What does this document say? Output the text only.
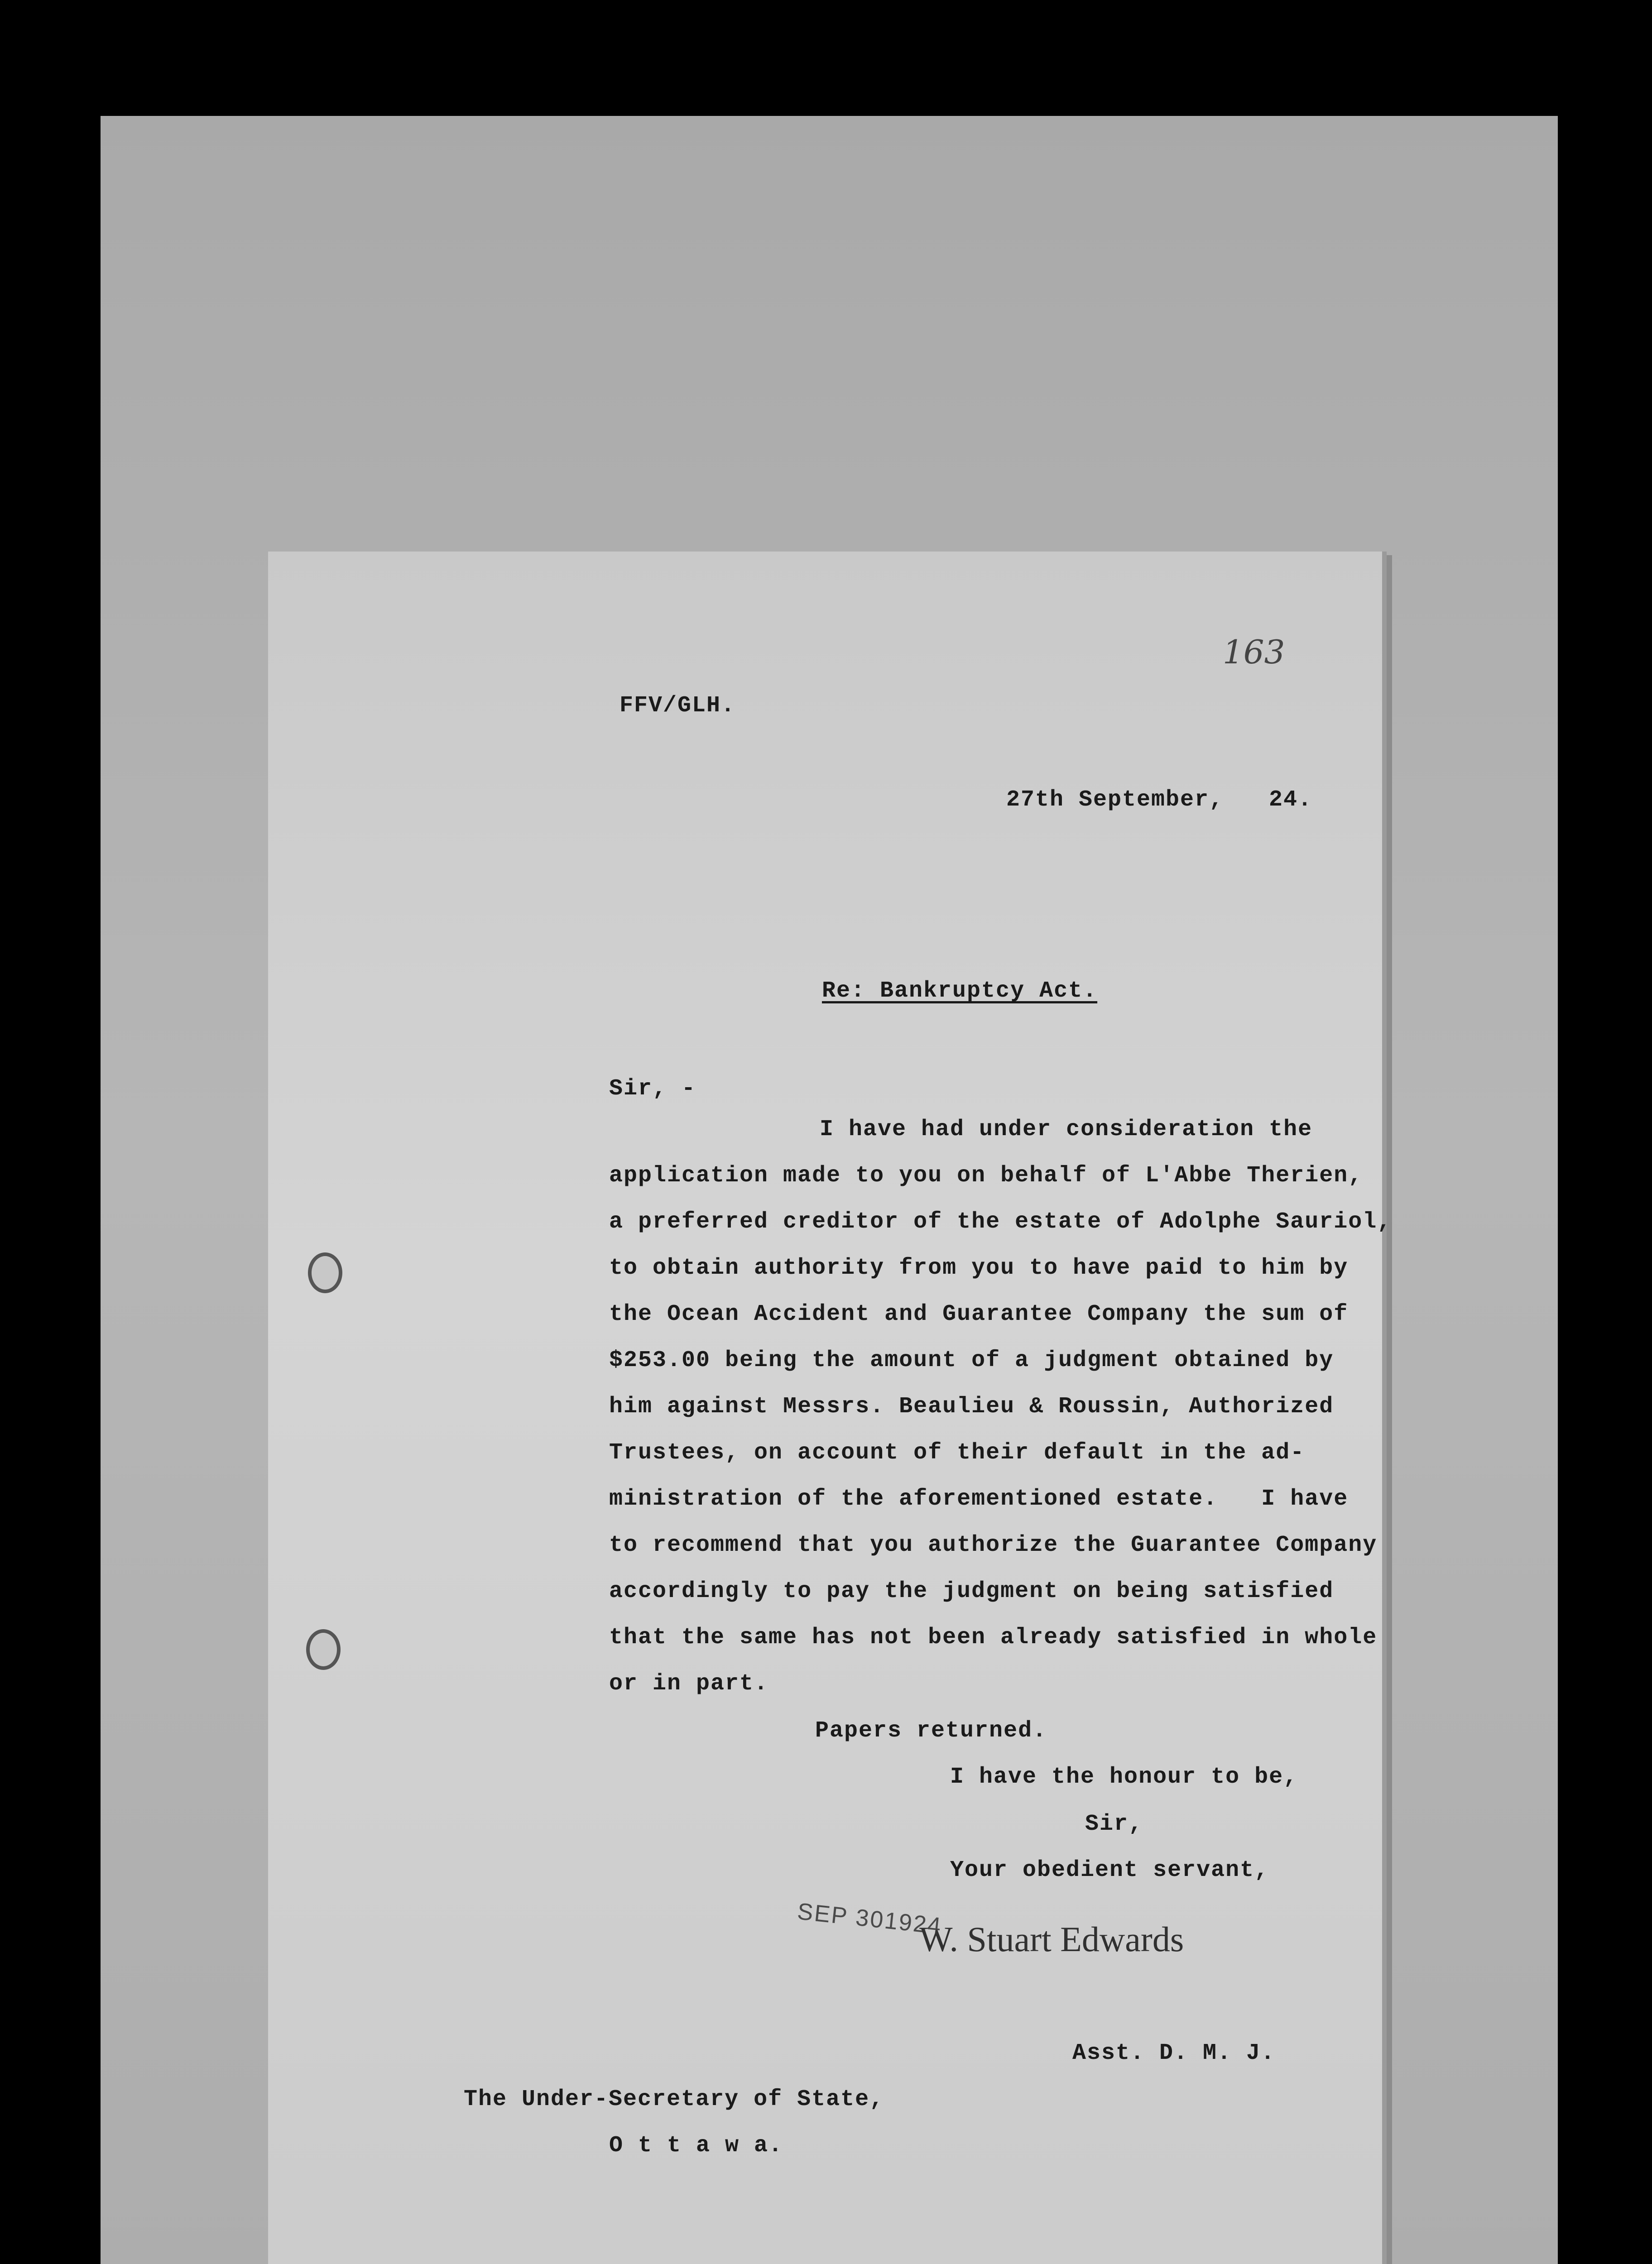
163
FFV/GLH.
27th September, 24.
Re: Bankruptcy Act.
Sir, -
I have had under consideration the
application made to you on behalf of L'Abbe Therien,
a preferred creditor of the estate of Adolphe Sauriol,
to obtain authority from you to have paid to him by
the Ocean Accident and Guarantee Company the sum of
$253.00 being the amount of a judgment obtained by
him against Messrs. Beaulieu & Roussin, Authorized
Trustees, on account of their default in the ad-
ministration of the aforementioned estate.   I have
to recommend that you authorize the Guarantee Company
accordingly to pay the judgment on being satisfied
that the same has not been already satisfied in whole
or in part.
Papers returned.
I have the honour to be,
Sir,
Your obedient servant,
SEP 301924
W. Stuart Edwards
Asst. D. M. J.
The Under-Secretary of State,
O t t a w a.
